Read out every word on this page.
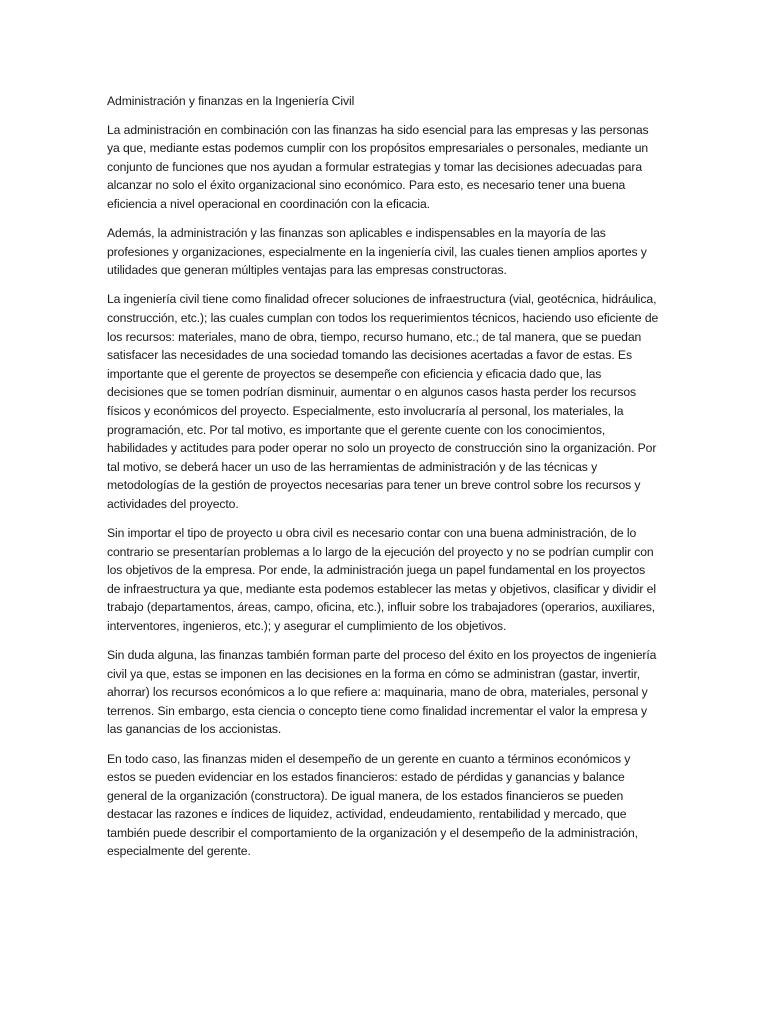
Administración y finanzas en la Ingeniería Civil

La administración en combinación con las finanzas ha sido esencial para las empresas y las personas ya que, mediante estas podemos cumplir con los propósitos empresariales o personales, mediante un conjunto de funciones que nos ayudan a formular estrategias y tomar las decisiones adecuadas para alcanzar no solo el éxito organizacional sino económico. Para esto, es necesario tener una buena eficiencia a nivel operacional en coordinación con la eficacia.

Además, la administración y las finanzas son aplicables e indispensables en la mayoría de las profesiones y organizaciones, especialmente en la ingeniería civil, las cuales tienen amplios aportes y utilidades que generan múltiples ventajas para las empresas constructoras.

La ingeniería civil tiene como finalidad ofrecer soluciones de infraestructura (vial, geotécnica, hidráulica, construcción, etc.); las cuales cumplan con todos los requerimientos técnicos, haciendo uso eficiente de los recursos: materiales, mano de obra, tiempo, recurso humano, etc.; de tal manera, que se puedan satisfacer las necesidades de una sociedad tomando las decisiones acertadas a favor de estas. Es importante que el gerente de proyectos se desempeñe con eficiencia y eficacia dado que, las decisiones que se tomen podrían disminuir, aumentar o en algunos casos hasta perder los recursos físicos y económicos del proyecto. Especialmente, esto involucraría al personal, los materiales, la programación, etc. Por tal motivo, es importante que el gerente cuente con los conocimientos, habilidades y actitudes para poder operar no solo un proyecto de construcción sino la organización. Por tal motivo, se deberá hacer un uso de las herramientas de administración y de las técnicas y metodologías de la gestión de proyectos necesarias para tener un breve control sobre los recursos y actividades del proyecto.

Sin importar el tipo de proyecto u obra civil es necesario contar con una buena administración, de lo contrario se presentarían problemas a lo largo de la ejecución del proyecto y no se podrían cumplir con los objetivos de la empresa. Por ende, la administración juega un papel fundamental en los proyectos de infraestructura ya que, mediante esta podemos establecer las metas y objetivos, clasificar y dividir el trabajo (departamentos, áreas, campo, oficina, etc.), influir sobre los trabajadores (operarios, auxiliares, interventores, ingenieros, etc.); y asegurar el cumplimiento de los objetivos.

Sin duda alguna, las finanzas también forman parte del proceso del éxito en los proyectos de ingeniería civil ya que, estas se imponen en las decisiones en la forma en cómo se administran (gastar, invertir, ahorrar) los recursos económicos a lo que refiere a: maquinaria, mano de obra, materiales, personal y terrenos. Sin embargo, esta ciencia o concepto tiene como finalidad incrementar el valor la empresa y las ganancias de los accionistas.

En todo caso, las finanzas miden el desempeño de un gerente en cuanto a términos económicos y estos se pueden evidenciar en los estados financieros: estado de pérdidas y ganancias y balance general de la organización (constructora). De igual manera, de los estados financieros se pueden destacar las razones e índices de liquidez, actividad, endeudamiento, rentabilidad y mercado, que también puede describir el comportamiento de la organización y el desempeño de la administración, especialmente del gerente.
